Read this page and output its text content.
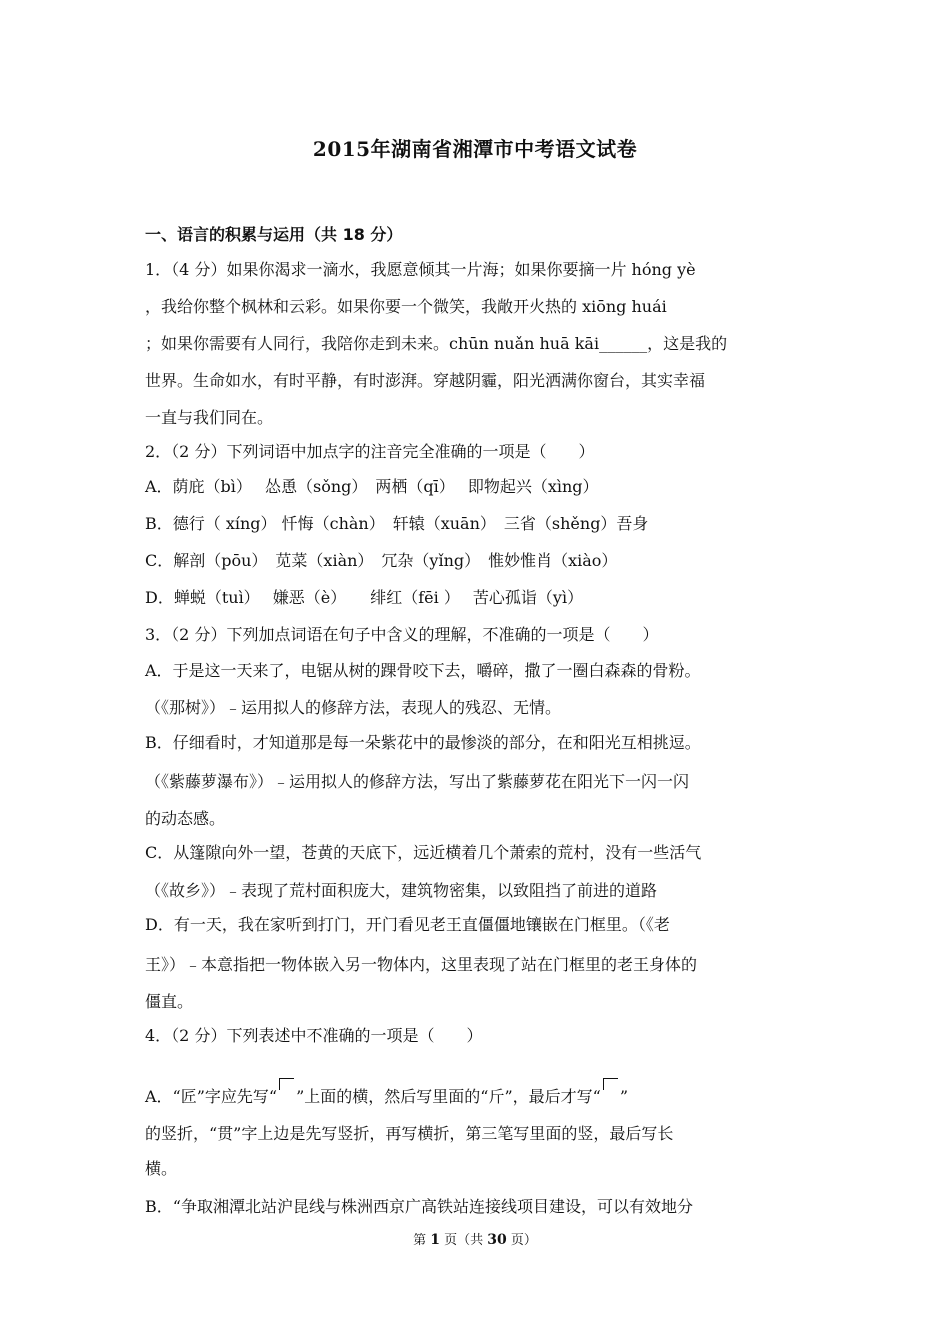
2015年湖南省湘潭市中考语文试卷
一、语言的积累与运用（共 18 分）
1．（4 分）如果你渴求一滴水，我愿意倾其一片海；如果你要摘一片 hóng yè
，我给你整个枫林和云彩。如果你要一个微笑，我敞开火热的 xiōng huái
；如果你需要有人同行，我陪你走到未来。chūn nuǎn huā kāi______，这是我的
世界。生命如水，有时平静，有时澎湃。穿越阴霾，阳光洒满你窗台，其实幸福
一直与我们同在。
2．（2 分）下列词语中加点字的注音完全准确的一项是（　　）
A．荫庇（bì）　 怂恿（sǒng）　两栖（qī）　 即物起兴（xìng）
B．德行（ xíng） 忏悔（chàn）　轩辕（xuān）　三省（shěng）吾身
C．解剖（pōu）　苋菜（xiàn）　冗杂（yǐng）　惟妙惟肖（xiào）
D．蝉蜕（tuì）　 嫌恶（è）　　绯红（fēi ）　 苦心孤诣（yì）
3．（2 分）下列加点词语在句子中含义的理解，不准确的一项是（　　）
A．于是这一天来了，电锯从树的踝骨咬下去，嚼碎，撒了一圈白森森的骨粉。
（《那树》）﹣运用拟人的修辞方法，表现人的残忍、无情。
B．仔细看时，才知道那是每一朵紫花中的最惨淡的部分，在和阳光互相挑逗。
（《紫藤萝瀑布》）﹣运用拟人的修辞方法，写出了紫藤萝花在阳光下一闪一闪
的动态感。
C．从篷隙向外一望，苍黄的天底下，远近横着几个萧索的荒村，没有一些活气
（《故乡》）﹣表现了荒村面积庞大，建筑物密集，以致阻挡了前进的道路
D．有一天，我在家听到打门，开门看见老王直僵僵地镶嵌在门框里。（《老
王》）﹣本意指把一物体嵌入另一物体内，这里表现了站在门框里的老王身体的
僵直。
4．（2 分）下列表述中不准确的一项是（　　）
A．“匠”字应先写“ ”上面的横，然后写里面的“斤”，最后才写“ ”
的竖折，“贯”字上边是先写竖折，再写横折，第三笔写里面的竖，最后写长
横。
B．“争取湘潭北站沪昆线与株洲西京广高铁站连接线项目建设，可以有效地分
第 1 页（共 30 页）
